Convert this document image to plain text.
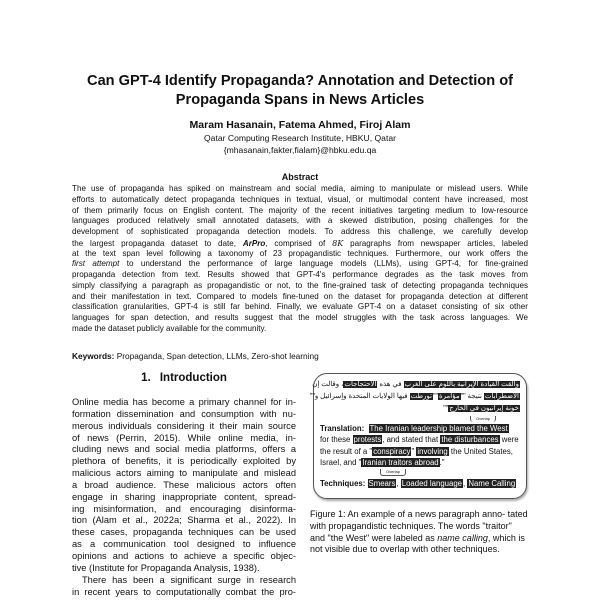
Can GPT-4 Identify Propaganda? Annotation and Detection of
Propaganda Spans in News Articles
Maram Hasanain, Fatema Ahmed, Firoj Alam
Qatar Computing Research Institute, HBKU, Qatar
{mhasanain,fakter,fialam}@hbku.edu.qa
Abstract
The use of propaganda has spiked on mainstream and social media, aiming to manipulate or mislead users. While
efforts to automatically detect propaganda techniques in textual, visual, or multimodal content have increased, most
of them primarily focus on English content. The majority of the recent initiatives targeting medium to low-resource
languages produced relatively small annotated datasets, with a skewed distribution, posing challenges for the
development of sophisticated propaganda detection models. To address this challenge, we carefully develop
the largest propaganda dataset to date, ArPro, comprised of 8K paragraphs from newspaper articles, labeled
at the text span level following a taxonomy of 23 propagandistic techniques. Furthermore, our work offers the
first attempt to understand the performance of large language models (LLMs), using GPT-4, for fine-grained
propaganda detection from text. Results showed that GPT-4's performance degrades as the task moves from
simply classifying a paragraph as propagandistic or not, to the fine-grained task of detecting propaganda techniques
and their manifestation in text. Compared to models fine-tuned on the dataset for propaganda detection at different
classification granularities, GPT-4 is still far behind. Finally, we evaluate GPT-4 on a dataset consisting of six other
languages for span detection, and results suggest that the model struggles with the task across languages. We
made the dataset publicly available for the community.
Keywords: Propaganda, Span detection, LLMs, Zero-shot learning
1. Introduction
Online media has become a primary channel for in-
formation dissemination and consumption with nu-
merous individuals considering it their main source
of news (Perrin, 2015). While online media, in-
cluding news and social media platforms, offers a
plethora of benefits, it is periodically exploited by
malicious actors aiming to manipulate and mislead
a broad audience. These malicious actors often
engage in sharing inappropriate content, spread-
ing misinformation, and encouraging disinforma-
tion (Alam et al., 2022a; Sharma et al., 2022). In
these cases, propaganda techniques can be used
as a communication tool designed to influence
opinions and actions to achieve a specific objec-
tive (Institute for Propaganda Analysis, 1938).
There has been a significant surge in research
in recent years to computationally combat the pro-
وألقت القيادة الإيرانية باللوم على الغرب في هذه الاحتجاجات، وقالت إن
الاضطرابات نتيجة ""مؤامرة""تورطت فيها الولايات المتحدة وإسرائيل و""
خونة إيرانيون في الخارج""
Overlap
Translation: The Iranian leadership blamed the West
for these protests, and stated that the disturbances were
the result of a "conspiracy" involving the United States,
Israel, and "Iranian traitors abroad."
Overlap
Techniques: Smears, Loaded language, Name Calling
Figure 1: An example of a news paragraph anno- tated with propagandistic techniques. The words "traitor" and "the West" were labeled as name calling, which is not visible due to overlap with other techniques.
